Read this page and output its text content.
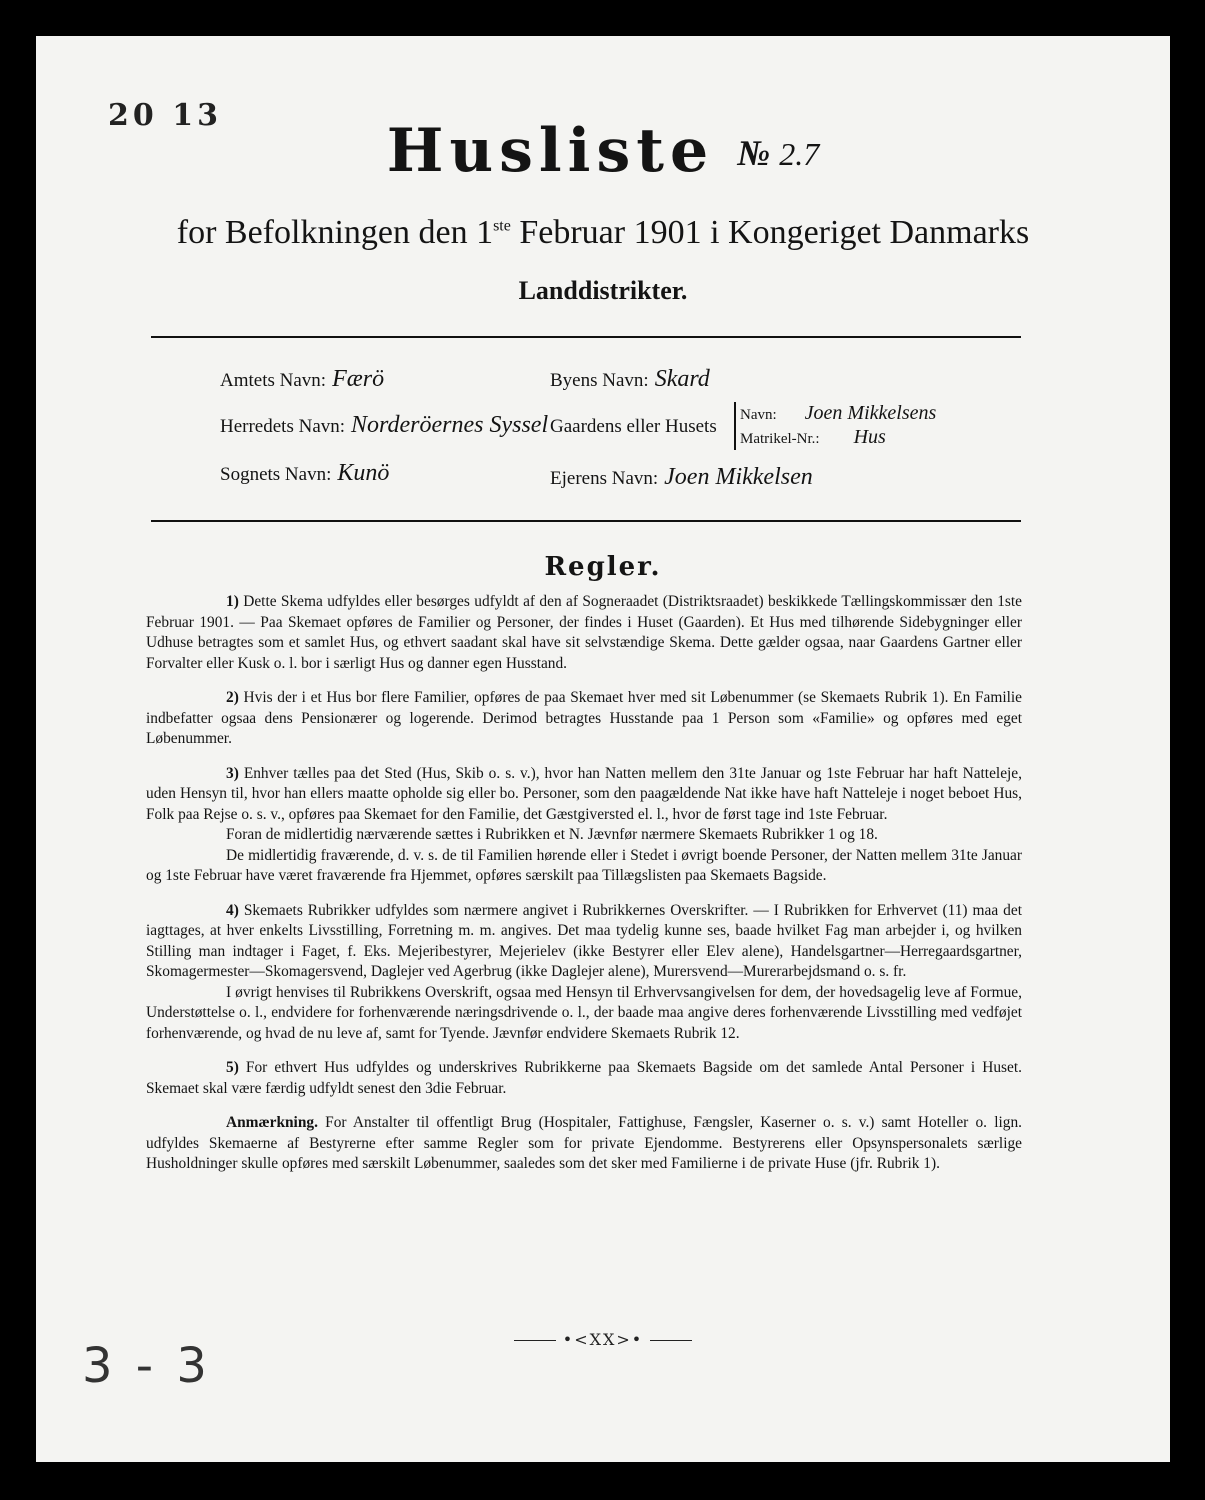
20 13
Husliste № 2.7
for Befolkningen den 1ste Februar 1901 i Kongeriget Danmarks
Landdistrikter.
Amtets Navn: Færö
Herredets Navn: Norderöernes Syssel
Sognets Navn: Kunö
Byens Navn: Skard
Gaardens eller Husets
Navn: Joen Mikkelsens
Matrikel-Nr.: Hus
Ejerens Navn: Joen Mikkelsen
Regler.

1) Dette Skema udfyldes eller besørges udfyldt af den af Sogneraadet (Distriktsraadet) beskikkede Tællingskommissær den 1ste Februar 1901. — Paa Skemaet opføres de Familier og Personer, der findes i Huset (Gaarden). Et Hus med tilhørende Sidebygninger eller Udhuse betragtes som et samlet Hus, og ethvert saadant skal have sit selvstændige Skema. Dette gælder ogsaa, naar Gaardens Gartner eller Forvalter eller Kusk o. l. bor i særligt Hus og danner egen Husstand.

2) Hvis der i et Hus bor flere Familier, opføres de paa Skemaet hver med sit Løbenummer (se Skemaets Rubrik 1). En Familie indbefatter ogsaa dens Pensionærer og logerende. Derimod betragtes Husstande paa 1 Person som «Familie» og opføres med eget Løbenummer.

3) Enhver tælles paa det Sted (Hus, Skib o. s. v.), hvor han Natten mellem den 31te Januar og 1ste Februar har haft Natteleje, uden Hensyn til, hvor han ellers maatte opholde sig eller bo. Personer, som den paagældende Nat ikke have haft Natteleje i noget beboet Hus, Folk paa Rejse o. s. v., opføres paa Skemaet for den Familie, det Gæstgiversted el. l., hvor de først tage ind 1ste Februar.

Foran de midlertidig nærværende sættes i Rubrikken et N. Jævnfør nærmere Skemaets Rubrikker 1 og 18.

De midlertidig fraværende, d. v. s. de til Familien hørende eller i Stedet i øvrigt boende Personer, der Natten mellem 31te Januar og 1ste Februar have været fraværende fra Hjemmet, opføres særskilt paa Tillægslisten paa Skemaets Bagside.

4) Skemaets Rubrikker udfyldes som nærmere angivet i Rubrikkernes Overskrifter. — I Rubrikken for Erhvervet (11) maa det iagttages, at hver enkelts Livsstilling, Forretning m. m. angives. Det maa tydelig kunne ses, baade hvilket Fag man arbejder i, og hvilken Stilling man indtager i Faget, f. Eks. Mejeribestyrer, Mejerielev (ikke Bestyrer eller Elev alene), Handelsgartner—Herregaardsgartner, Skomagermester—Skomagersvend, Daglejer ved Agerbrug (ikke Daglejer alene), Murersvend—Murerarbejdsmand o. s. fr.

I øvrigt henvises til Rubrikkens Overskrift, ogsaa med Hensyn til Erhvervsangivelsen for dem, der hovedsagelig leve af Formue, Understøttelse o. l., endvidere for forhenværende næringsdrivende o. l., der baade maa angive deres forhenværende Livsstilling med vedføjet forhenværende, og hvad de nu leve af, samt for Tyende. Jævnfør endvidere Skemaets Rubrik 12.

5) For ethvert Hus udfyldes og underskrives Rubrikkerne paa Skemaets Bagside om det samlede Antal Personer i Huset. Skemaet skal være færdig udfyldt senest den 3die Februar.

Anmærkning. For Anstalter til offentligt Brug (Hospitaler, Fattighuse, Fængsler, Kaserner o. s. v.) samt Hoteller o. lign. udfyldes Skemaerne af Bestyrerne efter samme Regler som for private Ejendomme. Bestyrerens eller Opsynspersonalets særlige Husholdninger skulle opføres med særskilt Løbenummer, saaledes som det sker med Familierne i de private Huse (jfr. Rubrik 1).

•<XX>•
3 - 3
